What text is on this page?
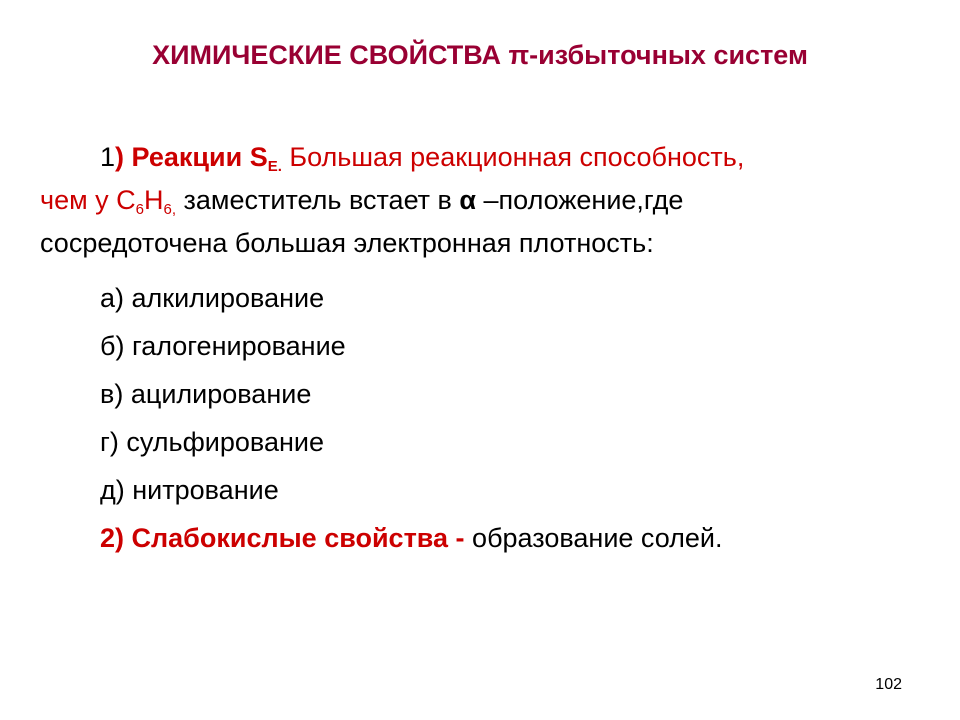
ХИМИЧЕСКИЕ СВОЙСТВА π-избыточных систем
1) Реакции $S_{E.}$ Большая реакционная способность,
чем у $С_6Н_{6,}$ заместитель встает в α –положение,где
сосредоточена большая электронная плотность:
а) алкилирование
б) галогенирование
в) ацилирование
г) сульфирование
д) нитрование
2) Слабокислые свойства - образование солей.
102
